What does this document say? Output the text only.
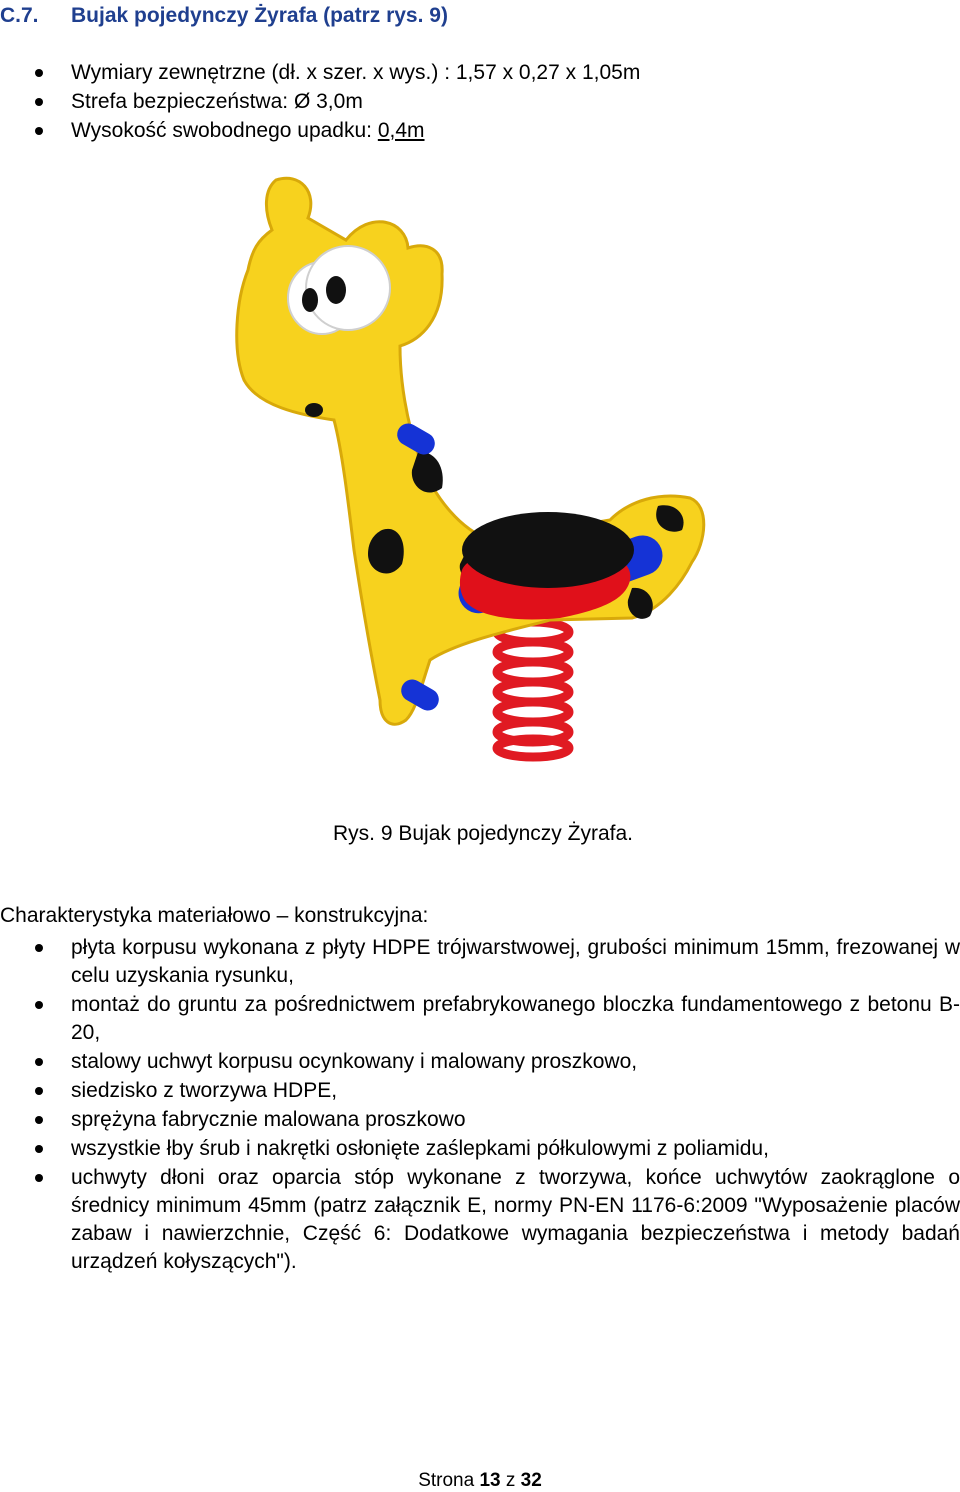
C.7. Bujak pojedynczy Żyrafa (patrz rys. 9)
Wymiary zewnętrzne (dł. x szer. x wys.) : 1,57 x 0,27 x 1,05m
Strefa bezpieczeństwa: Ø 3,0m
Wysokość swobodnego upadku: 0,4m
Rys. 9 Bujak pojedynczy Żyrafa.
Charakterystyka materiałowo – konstrukcyjna:
płyta korpusu wykonana z płyty HDPE trójwarstwowej, grubości minimum 15mm, frezowanej w celu uzyskania rysunku,
montaż do gruntu za pośrednictwem prefabrykowanego bloczka fundamentowego z betonu B-20,
stalowy uchwyt korpusu ocynkowany i malowany proszkowo,
siedzisko z tworzywa HDPE,
sprężyna fabrycznie malowana proszkowo
wszystkie łby śrub i nakrętki osłonięte zaślepkami półkulowymi z poliamidu,
uchwyty dłoni oraz oparcia stóp wykonane z tworzywa, końce uchwytów zaokrąglone o średnicy minimum 45mm (patrz załącznik E, normy PN-EN 1176-6:2009 "Wyposażenie placów zabaw i nawierzchnie, Część 6: Dodatkowe wymagania bezpieczeństwa i metody badań urządzeń kołyszących").
Strona 13 z 32
